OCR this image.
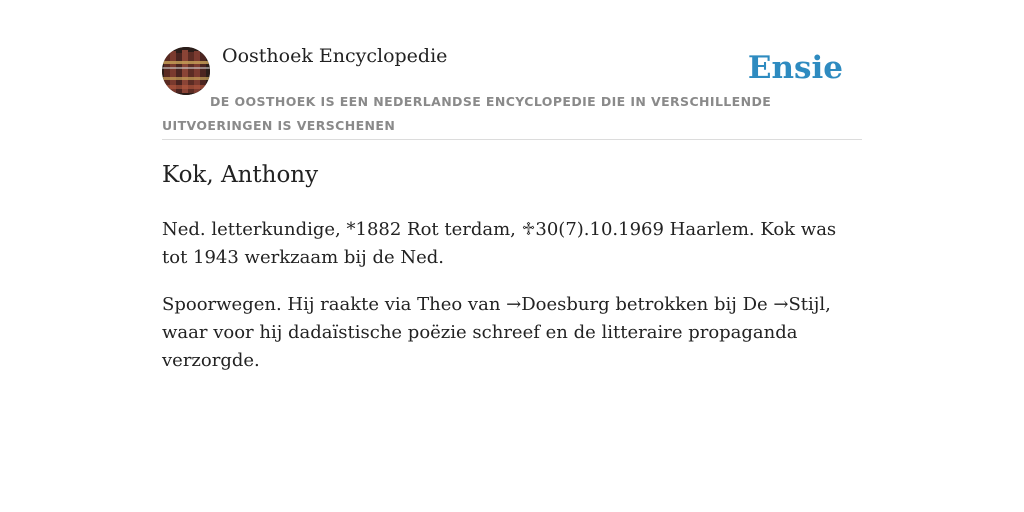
Oosthoek Encyclopedie	Ensie
DE OOSTHOEK IS EEN NEDERLANDSE ENCYCLOPEDIE DIE IN VERSCHILLENDE UITVOERINGEN IS VERSCHENEN
Kok, Anthony

Ned. letterkundige, *1882 Rot terdam, ♱30(7).10.1969 Haarlem. Kok was tot 1943 werkzaam bij de Ned.

Spoorwegen. Hij raakte via Theo van →Doesburg betrokken bij De →Stijl, waar voor hij dadaïstische poëzie schreef en de litteraire propaganda verzorgde.
